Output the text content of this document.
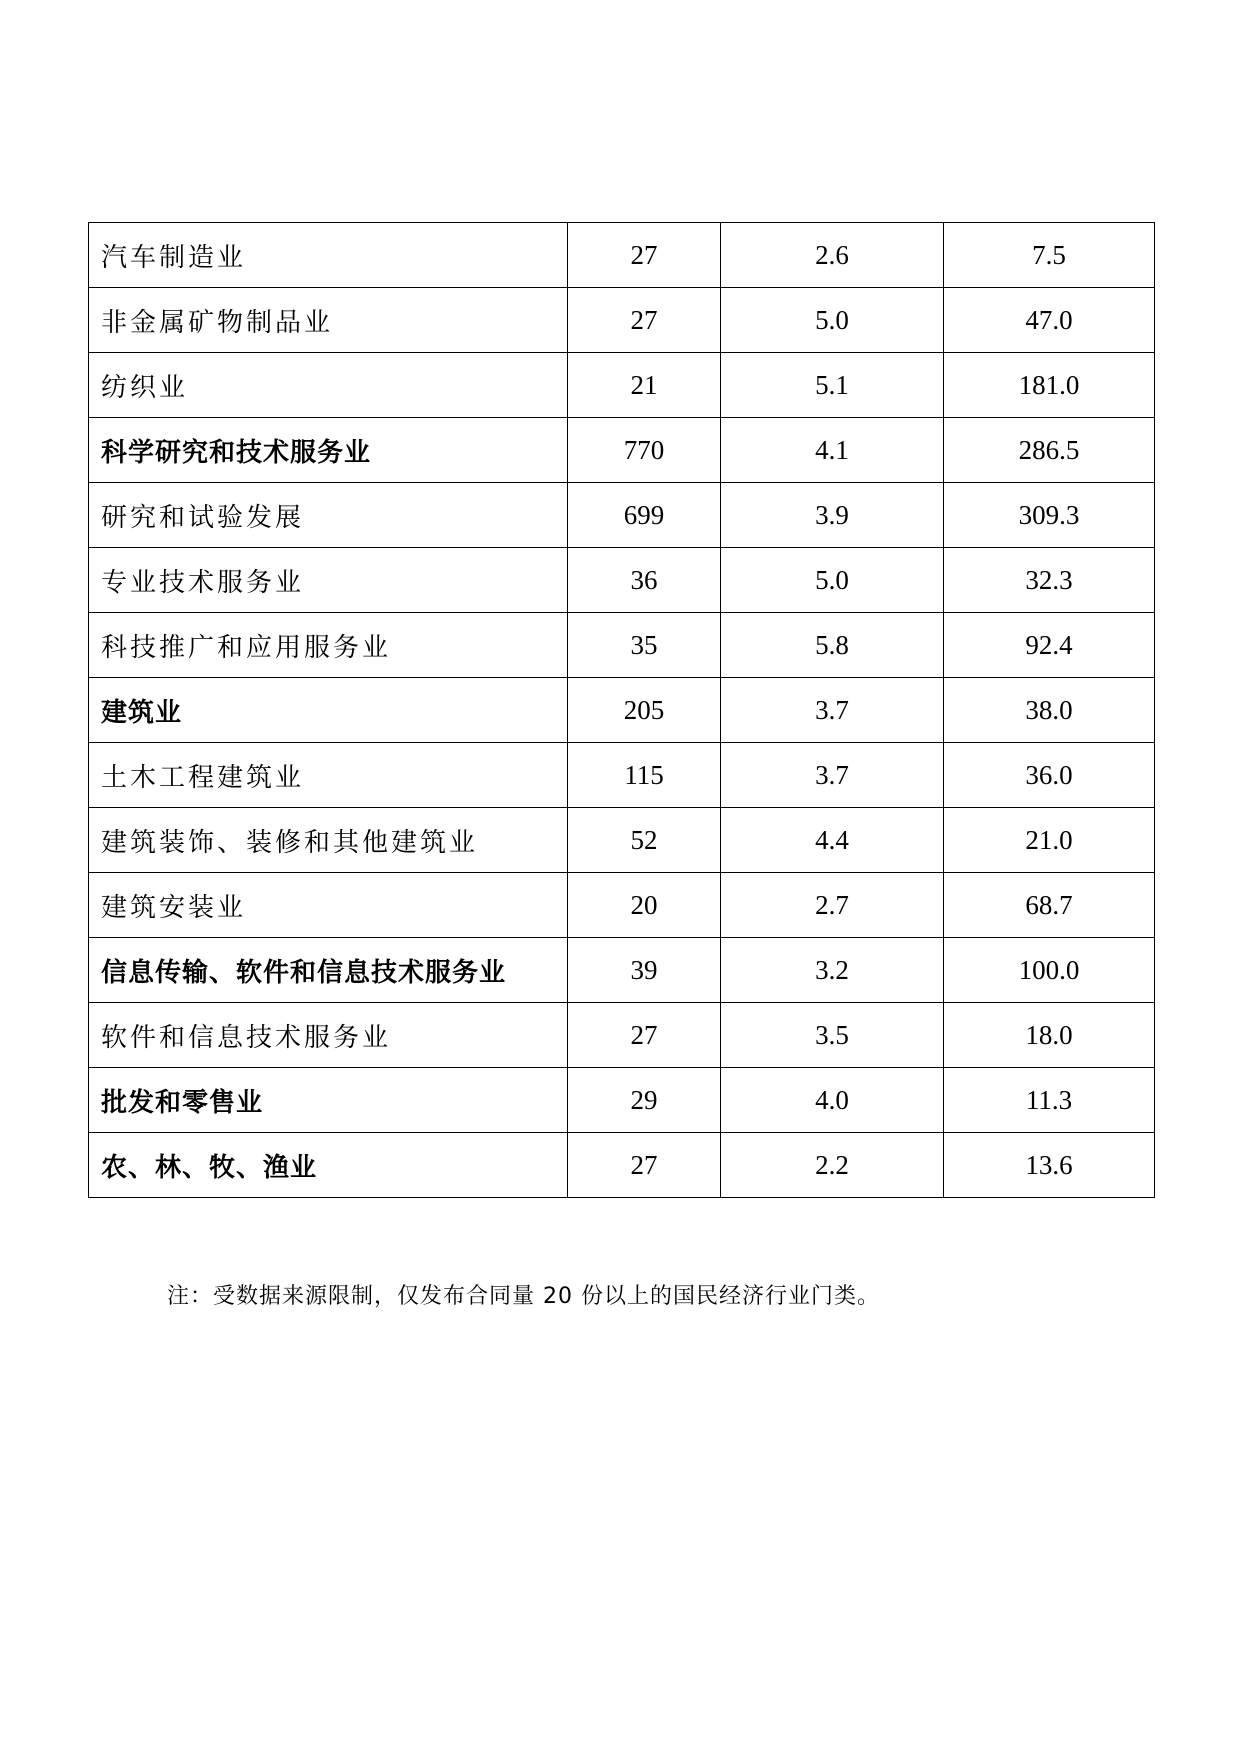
汽车制造业	27	2.6	7.5
非金属矿物制品业	27	5.0	47.0
纺织业	21	5.1	181.0
科学研究和技术服务业	770	4.1	286.5
研究和试验发展	699	3.9	309.3
专业技术服务业	36	5.0	32.3
科技推广和应用服务业	35	5.8	92.4
建筑业	205	3.7	38.0
土木工程建筑业	115	3.7	36.0
建筑装饰、装修和其他建筑业	52	4.4	21.0
建筑安装业	20	2.7	68.7
信息传输、软件和信息技术服务业	39	3.2	100.0
软件和信息技术服务业	27	3.5	18.0
批发和零售业	29	4.0	11.3
农、林、牧、渔业	27	2.2	13.6
注：受数据来源限制，仅发布合同量 20 份以上的国民经济行业门类。
